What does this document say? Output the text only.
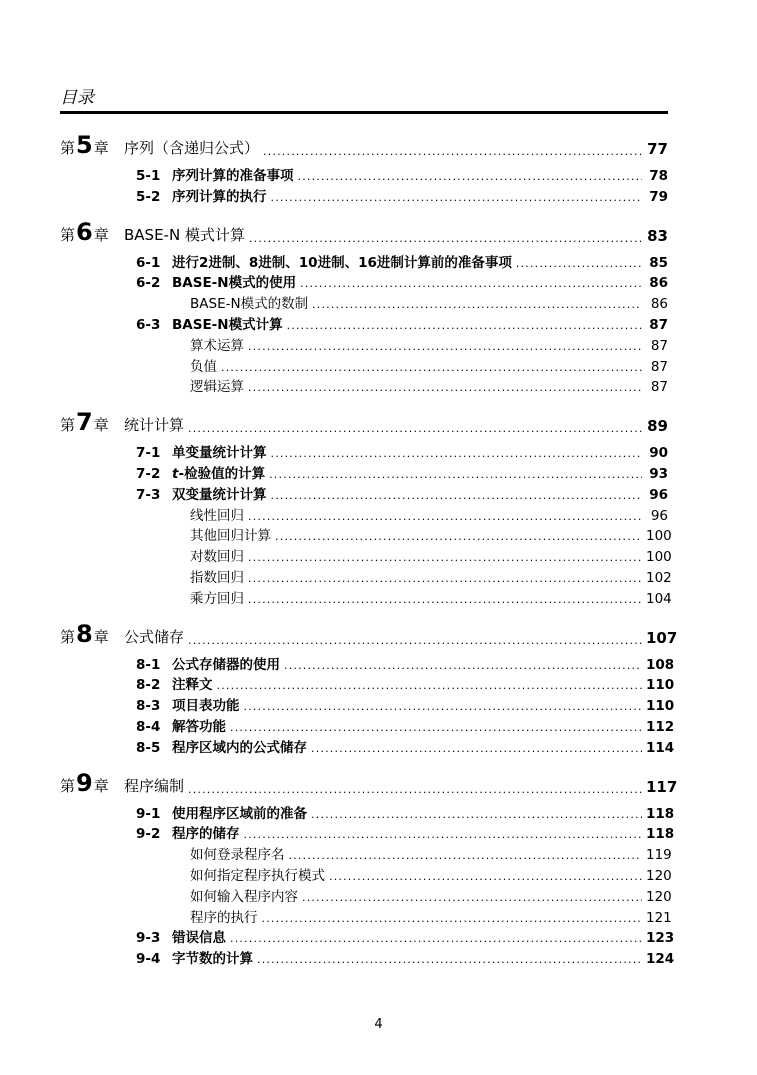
目录
第 5 章 序列（含递归公式） .....	77
5-1 序列计算的准备事项 .....	78
5-2 序列计算的执行 .....	79
第 6 章 BASE-N 模式计算 .....	83
6-1 进行2进制、8进制、10进制、16进制计算前的准备事项 .....	85
6-2 BASE-N模式的使用 .....	86
BASE-N模式的数制 .....	86
6-3 BASE-N模式计算 .....	87
算术运算 .....	87
负值 .....	87
逻辑运算 .....	87
第 7 章 统计计算 .....	89
7-1 单变量统计计算 .....	90
7-2 t-检验值的计算 .....	93
7-3 双变量统计计算 .....	96
线性回归 .....	96
其他回归计算 .....	100
对数回归 .....	100
指数回归 .....	102
乘方回归 .....	104
第 8 章 公式储存 .....	107
8-1 公式存储器的使用 .....	108
8-2 注释文 .....	110
8-3 项目表功能 .....	110
8-4 解答功能 .....	112
8-5 程序区域内的公式储存 .....	114
第 9 章 程序编制 .....	117
9-1 使用程序区域前的准备 .....	118
9-2 程序的储存 .....	118
如何登录程序名 .....	119
如何指定程序执行模式 .....	120
如何输入程序内容 .....	120
程序的执行 .....	121
9-3 错误信息 .....	123
9-4 字节数的计算 .....	124
4
